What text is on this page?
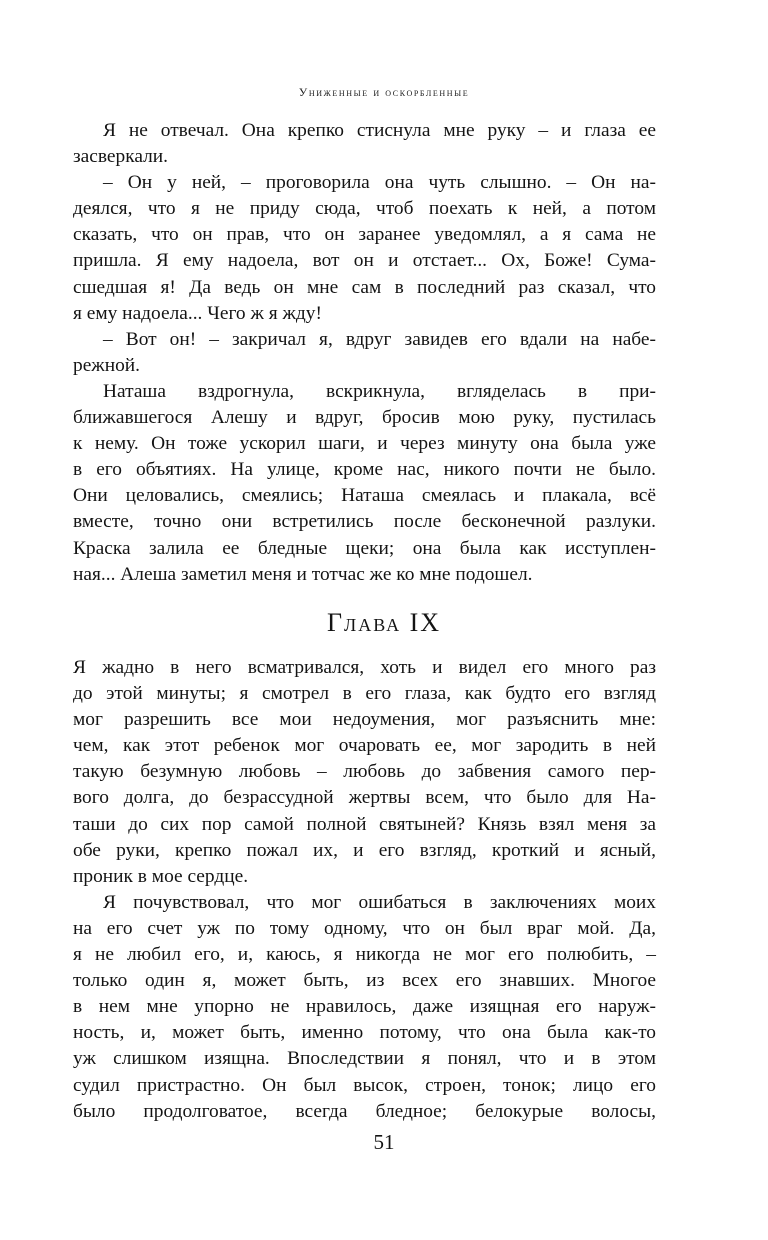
Униженные и оскорбленные
Я не отвечал. Она крепко стиснула мне руку – и глаза ее
засверкали.
– Он у ней, – проговорила она чуть слышно. – Он на-
деялся, что я не приду сюда, чтоб поехать к ней, а потом
сказать, что он прав, что он заранее уведомлял, а я сама не
пришла. Я ему надоела, вот он и отстает... Ох, Боже! Сума-
сшедшая я! Да ведь он мне сам в последний раз сказал, что
я ему надоела... Чего ж я жду!
– Вот он! – закричал я, вдруг завидев его вдали на набе-
режной.
Наташа вздрогнула, вскрикнула, вгляделась в при-
ближавшегося Алешу и вдруг, бросив мою руку, пустилась
к нему. Он тоже ускорил шаги, и через минуту она была уже
в его объятиях. На улице, кроме нас, никого почти не было.
Они целовались, смеялись; Наташа смеялась и плакала, всё
вместе, точно они встретились после бесконечной разлуки.
Краска залила ее бледные щеки; она была как исступлен-
ная... Алеша заметил меня и тотчас же ко мне подошел.
Глава IX
Я жадно в него всматривался, хоть и видел его много раз
до этой минуты; я смотрел в его глаза, как будто его взгляд
мог разрешить все мои недоумения, мог разъяснить мне:
чем, как этот ребенок мог очаровать ее, мог зародить в ней
такую безумную любовь – любовь до забвения самого пер-
вого долга, до безрассудной жертвы всем, что было для На-
таши до сих пор самой полной святыней? Князь взял меня за
обе руки, крепко пожал их, и его взгляд, кроткий и ясный,
проник в мое сердце.
Я почувствовал, что мог ошибаться в заключениях моих
на его счет уж по тому одному, что он был враг мой. Да,
я не любил его, и, каюсь, я никогда не мог его полюбить, –
только один я, может быть, из всех его знавших. Многое
в нем мне упорно не нравилось, даже изящная его наруж-
ность, и, может быть, именно потому, что она была как-то
уж слишком изящна. Впоследствии я понял, что и в этом
судил пристрастно. Он был высок, строен, тонок; лицо его
было продолговатое, всегда бледное; белокурые волосы,
51
